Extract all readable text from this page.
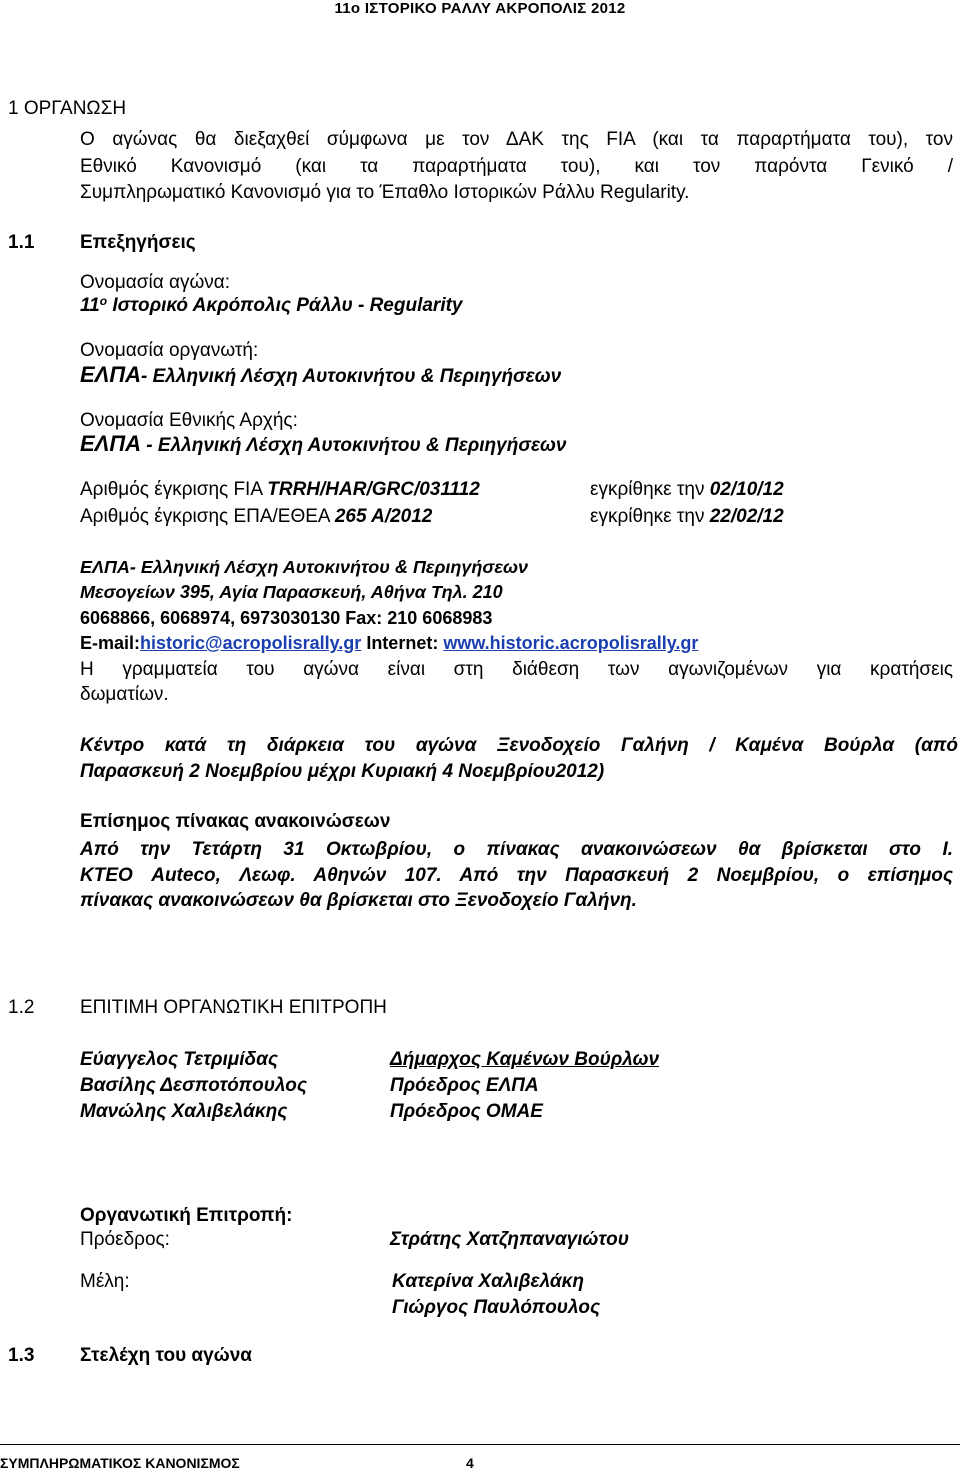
11ο ΙΣΤΟΡΙΚΟ ΡΑΛΛΥ ΑΚΡΟΠΟΛΙΣ 2012
1 ΟΡΓΑΝΩΣΗ
Ο αγώνας θα διεξαχθεί σύμφωνα με τον ΔΑΚ της FIA (και τα παραρτήματα του), τον
Εθνικό Κανονισμό (και τα παραρτήματα του), και τον παρόντα Γενικό /
Συμπληρωματικό Κανονισμό για το Έπαθλο Ιστορικών Ράλλυ Regularity.
1.1 Επεξηγήσεις
Ονομασία αγώνα:
$11^o$ Ιστορικό Ακρόπολις Ράλλυ - Regularity
Ονομασία οργανωτή:
ΕΛΠΑ- Ελληνική Λέσχη Αυτοκινήτου & Περιηγήσεων
Ονομασία Εθνικής Αρχής:
ΕΛΠΑ - Ελληνική Λέσχη Αυτοκινήτου & Περιηγήσεων
Αριθμός έγκρισης FIA TRRH/HAR/GRC/031112	εγκρίθηκε την 02/10/12
Αριθμός έγκρισης ΕΠΑ/ΕΘΕΑ 265 Α/2012	εγκρίθηκε την 22/02/12
ΕΛΠΑ- Ελληνική Λέσχη Αυτοκινήτου & Περιηγήσεων
Μεσογείων 395, Αγία Παρασκευή, Αθήνα Τηλ. 210
6068866, 6068974, 6973030130 Fax: 210 6068983
E-mail:historic@acropolisrally.gr Internet: www.historic.acropolisrally.gr
Η γραμματεία του αγώνα είναι στη διάθεση των αγωνιζομένων για κρατήσεις
δωματίων.
Κέντρο κατά τη διάρκεια του αγώνα Ξενοδοχείο Γαλήνη / Καμένα Βούρλα (από
Παρασκευή 2 Νοεμβρίου μέχρι Κυριακή 4 Νοεμβρίου2012)
Επίσημος πίνακας ανακοινώσεων
Από την Τετάρτη 31 Οκτωβρίου, ο πίνακας ανακοινώσεων θα βρίσκεται στο Ι.
ΚΤΕΟ Auteco, Λεωφ. Αθηνών 107. Από την Παρασκευή 2 Νοεμβρίου, ο επίσημος
πίνακας ανακοινώσεων θα βρίσκεται στο Ξενοδοχείο Γαλήνη.
1.2 ΕΠΙΤΙΜΗ ΟΡΓΑΝΩΤΙΚΗ ΕΠΙΤΡΟΠΗ
Εύαγγελος Τετριμίδας	Δήμαρχος Καμένων Βούρλων
Βασίλης Δεσποτόπουλος	Πρόεδρος ΕΛΠΑ
Μανώλης Χαλιβελάκης	Πρόεδρος ΟΜΑΕ
Οργανωτική Επιτροπή:
Πρόεδρος:	Στράτης Χατζηπαναγιώτου
Μέλη:	Κατερίνα Χαλιβελάκη
Γιώργος Παυλόπουλος
1.3 Στελέχη του αγώνα
ΣΥΜΠΛΗΡΩΜΑΤΙΚΟΣ ΚΑΝΟΝΙΣΜΟΣ	4
